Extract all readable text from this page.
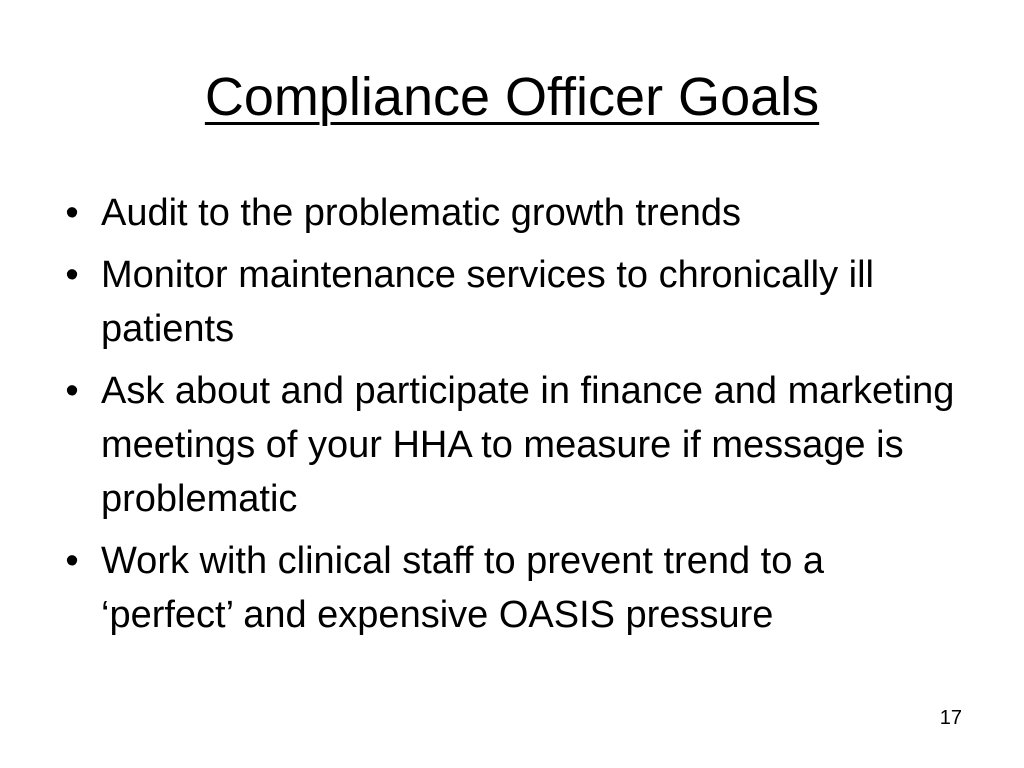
Compliance Officer Goals
• Audit to the problematic growth trends
• Monitor maintenance services to chronically ill patients
• Ask about and participate in finance and marketing meetings of your HHA to measure if message is problematic
• Work with clinical staff to prevent trend to a ‘perfect’ and expensive OASIS pressure
17
